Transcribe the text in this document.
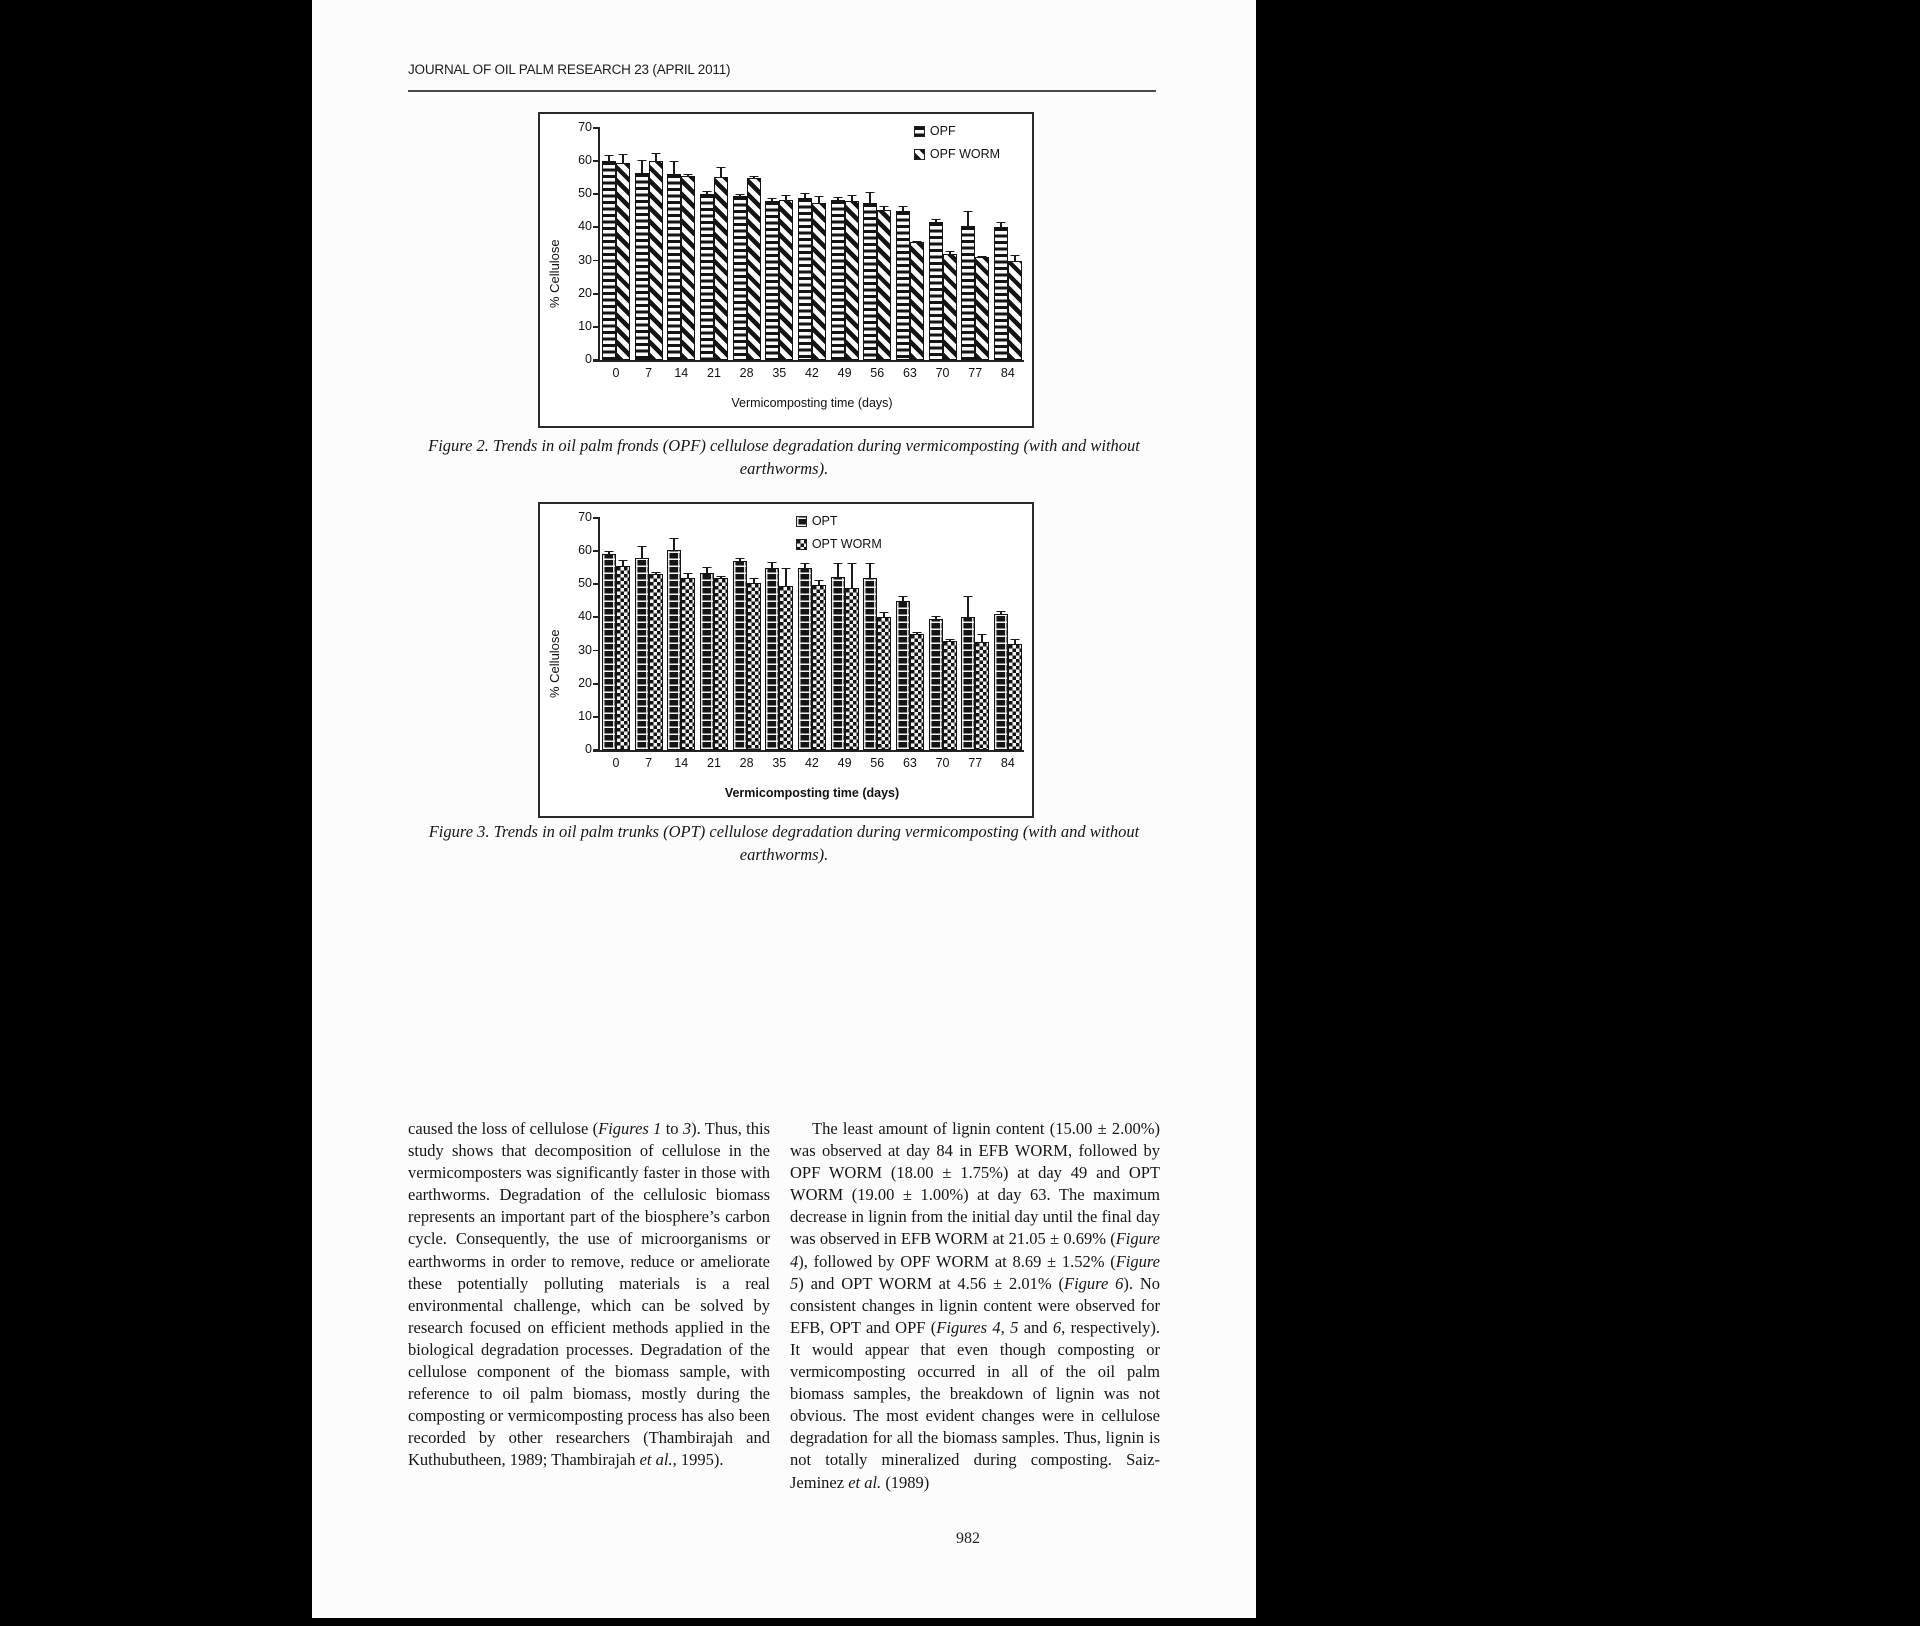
JOURNAL OF OIL PALM RESEARCH 23 (APRIL 2011)
% Cellulose
0
10
20
30
40
50
60
70
0	7	14	21	28	35	42	49	56	63	70	77	84
Vermicomposting time (days)
OPF
OPF WORM
Figure 2. Trends in oil palm fronds (OPF) cellulose degradation during vermicomposting (with and without earthworms).
% Cellulose
0
10
20
30
40
50
60
70
0	7	14	21	28	35	42	49	56	63	70	77	84
Vermicomposting time (days)
OPT
OPT WORM
Figure 3. Trends in oil palm trunks (OPT) cellulose degradation during vermicomposting (with and without earthworms).
caused the loss of cellulose (Figures 1 to 3). Thus, this study shows that decomposition of cellulose in the vermicomposters was significantly faster in those with earthworms. Degradation of the cellulosic biomass represents an important part of the biosphere’s carbon cycle. Consequently, the use of microorganisms or earthworms in order to remove, reduce or ameliorate these potentially polluting materials is a real environmental challenge, which can be solved by research focused on efficient methods applied in the biological degradation processes. Degradation of the cellulose component of the biomass sample, with reference to oil palm biomass, mostly during the composting or vermicomposting process has also been recorded by other researchers (Thambirajah and Kuthubutheen, 1989; Thambirajah et al., 1995).
The least amount of lignin content (15.00 ± 2.00%) was observed at day 84 in EFB WORM, followed by OPF WORM (18.00 ± 1.75%) at day 49 and OPT WORM (19.00 ± 1.00%) at day 63. The maximum decrease in lignin from the initial day until the final day was observed in EFB WORM at 21.05 ± 0.69% (Figure 4), followed by OPF WORM at 8.69 ± 1.52% (Figure 5) and OPT WORM at 4.56 ± 2.01% (Figure 6). No consistent changes in lignin content were observed for EFB, OPT and OPF (Figures 4, 5 and 6, respectively). It would appear that even though composting or vermicomposting occurred in all of the oil palm biomass samples, the breakdown of lignin was not obvious. The most evident changes were in cellulose degradation for all the biomass samples. Thus, lignin is not totally mineralized during composting. Saiz-Jeminez et al. (1989)
982
